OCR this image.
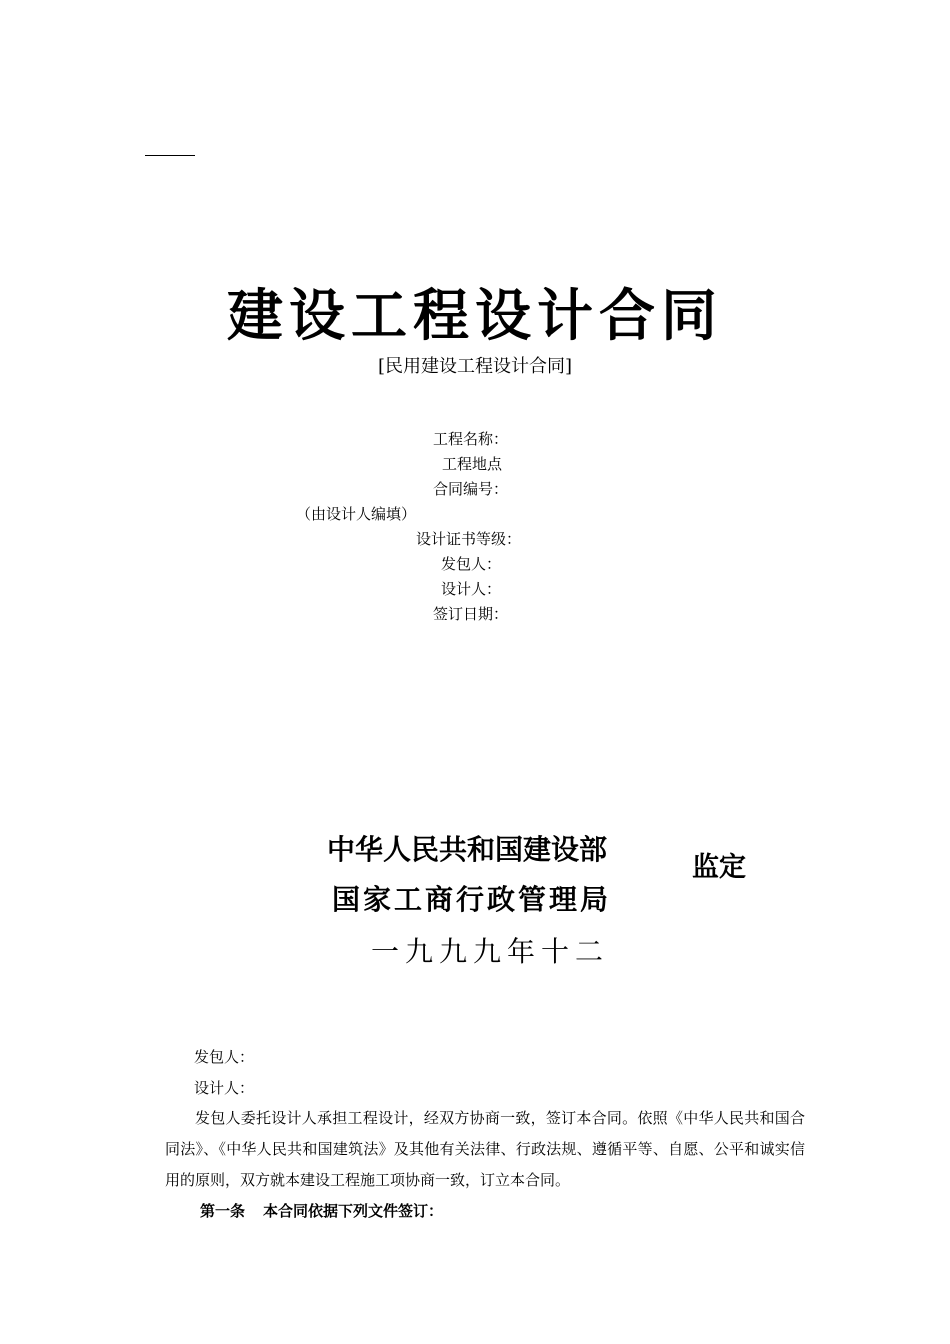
建设工程设计合同
[民用建设工程设计合同]
工程名称：
工程地点
合同编号：
（由设计人编填）
设计证书等级：
发包人：
设计人：
签订日期：
中华人民共和国建设部
国家工商行政管理局
监定
一九九九年十二
发包人：
设计人：
发包人委托设计人承担工程设计，经双方协商一致，签订本合同。依照《中华人民共和国合同法》、《中华人民共和国建筑法》及其他有关法律、行政法规、遵循平等、自愿、公平和诚实信用的原则，双方就本建设工程施工项协商一致，订立本合同。
第一条 本合同依据下列文件签订：
